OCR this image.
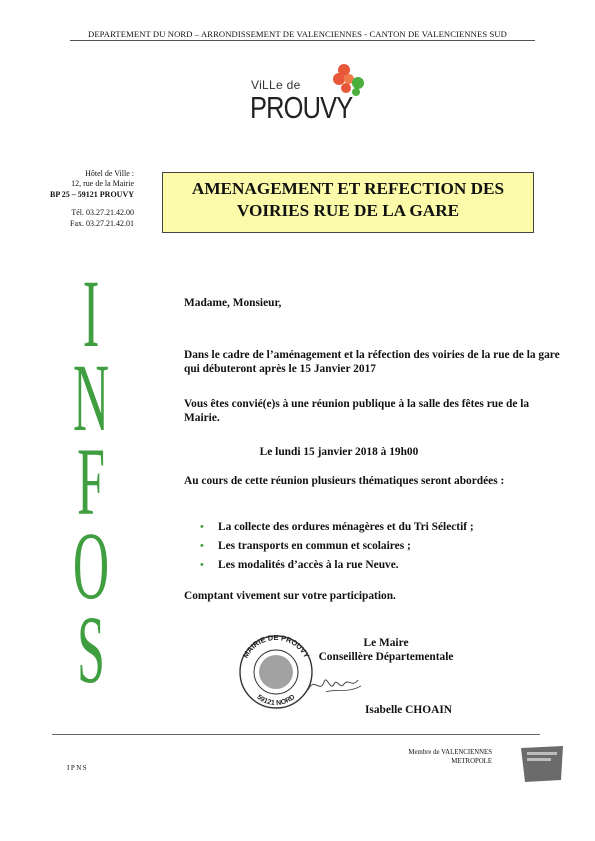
DEPARTEMENT DU NORD – ARRONDISSEMENT DE VALENCIENNES - CANTON DE VALENCIENNES SUD
ViLLe de
PROUVY
Hôtel de Ville :
12, rue de la Mairie
BP 25 – 59121 PROUVY
Tél. 03.27.21.42.00
Fax. 03.27.21.42.01
AMENAGEMENT ET REFECTION DES
VOIRIES RUE DE LA GARE
I
N
F
O
S
Madame, Monsieur,
Dans le cadre de l’aménagement et la réfection des voiries de la rue de la gare qui débuteront après le 15 Janvier 2017
Vous êtes convié(e)s à une réunion publique à la salle des fêtes rue de la Mairie.
Le lundi 15 janvier 2018 à 19h00
Au cours de cette réunion plusieurs thématiques seront abordées :
• La collecte des ordures ménagères et du Tri Sélectif ;
• Les transports en commun et scolaires ;
• Les modalités d’accès à la rue Neuve.
Comptant vivement sur votre participation.
Le Maire
Conseillère Départementale
MAIRIE DE PROUVY
59121 NORD
Isabelle CHOAIN
IPNS
Membre de VALENCIENNES
METROPOLE
